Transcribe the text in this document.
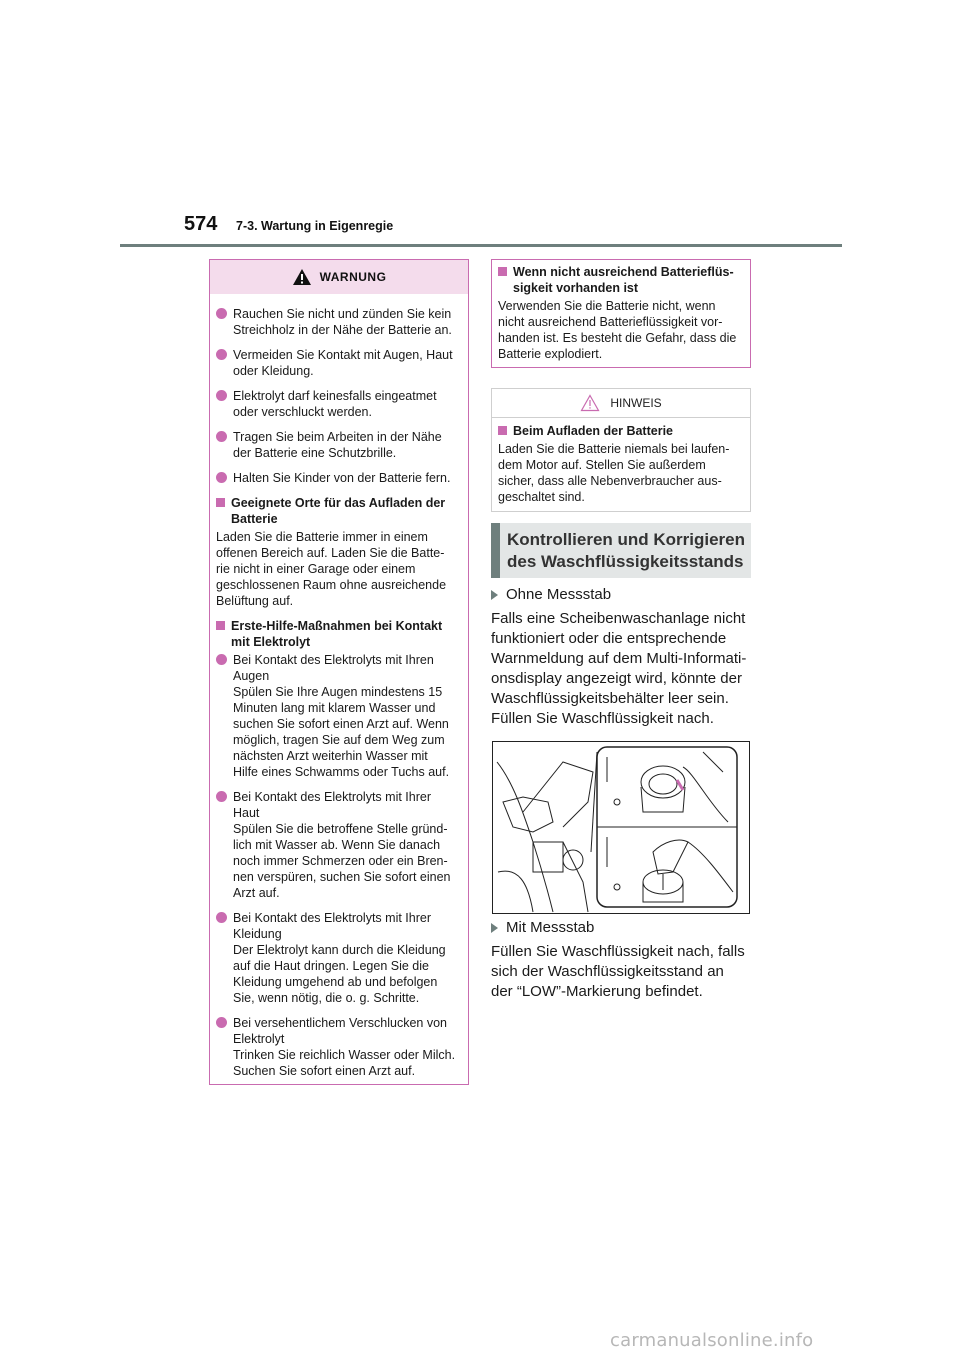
574 7-3. Wartung in Eigenregie
WARNUNG
Rauchen Sie nicht und zünden Sie kein Streichholz in der Nähe der Batterie an.
Vermeiden Sie Kontakt mit Augen, Haut oder Kleidung.
Elektrolyt darf keinesfalls eingeatmet oder verschluckt werden.
Tragen Sie beim Arbeiten in der Nähe der Batterie eine Schutzbrille.
Halten Sie Kinder von der Batterie fern.
Geeignete Orte für das Aufladen der Batterie
Laden Sie die Batterie immer in einem offenen Bereich auf. Laden Sie die Batte-
rie nicht in einer Garage oder einem geschlossenen Raum ohne ausreichende Belüftung auf.
Erste-Hilfe-Maßnahmen bei Kontakt mit Elektrolyt
Bei Kontakt des Elektrolyts mit Ihren Augen
Spülen Sie Ihre Augen mindestens 15 Minuten lang mit klarem Wasser und suchen Sie sofort einen Arzt auf. Wenn möglich, tragen Sie auf dem Weg zum nächsten Arzt weiterhin Wasser mit Hilfe eines Schwamms oder Tuchs auf.
Bei Kontakt des Elektrolyts mit Ihrer Haut
Spülen Sie die betroffene Stelle gründ-
lich mit Wasser ab. Wenn Sie danach noch immer Schmerzen oder ein Bren-
nen verspüren, suchen Sie sofort einen Arzt auf.
Bei Kontakt des Elektrolyts mit Ihrer Kleidung
Der Elektrolyt kann durch die Kleidung auf die Haut dringen. Legen Sie die Kleidung umgehend ab und befolgen Sie, wenn nötig, die o. g. Schritte.
Bei versehentlichem Verschlucken von Elektrolyt
Trinken Sie reichlich Wasser oder Milch. Suchen Sie sofort einen Arzt auf.
Wenn nicht ausreichend Batterieflüs-
sigkeit vorhanden ist
Verwenden Sie die Batterie nicht, wenn nicht ausreichend Batterieflüssigkeit vor-
handen ist. Es besteht die Gefahr, dass die Batterie explodiert.
HINWEIS
Beim Aufladen der Batterie
Laden Sie die Batterie niemals bei laufen-
dem Motor auf. Stellen Sie außerdem sicher, dass alle Nebenverbraucher aus-
geschaltet sind.
Kontrollieren und Korrigieren
des Waschflüssigkeitsstands
Ohne Messstab
Falls eine Scheibenwaschanlage nicht funktioniert oder die entsprechende Warnmeldung auf dem Multi-Informati-
onsdisplay angezeigt wird, könnte der Waschflüssigkeitsbehälter leer sein. Füllen Sie Waschflüssigkeit nach.
Mit Messstab
Füllen Sie Waschflüssigkeit nach, falls sich der Waschflüssigkeitsstand an der “LOW”-Markierung befindet.
carmanualsonline.info
